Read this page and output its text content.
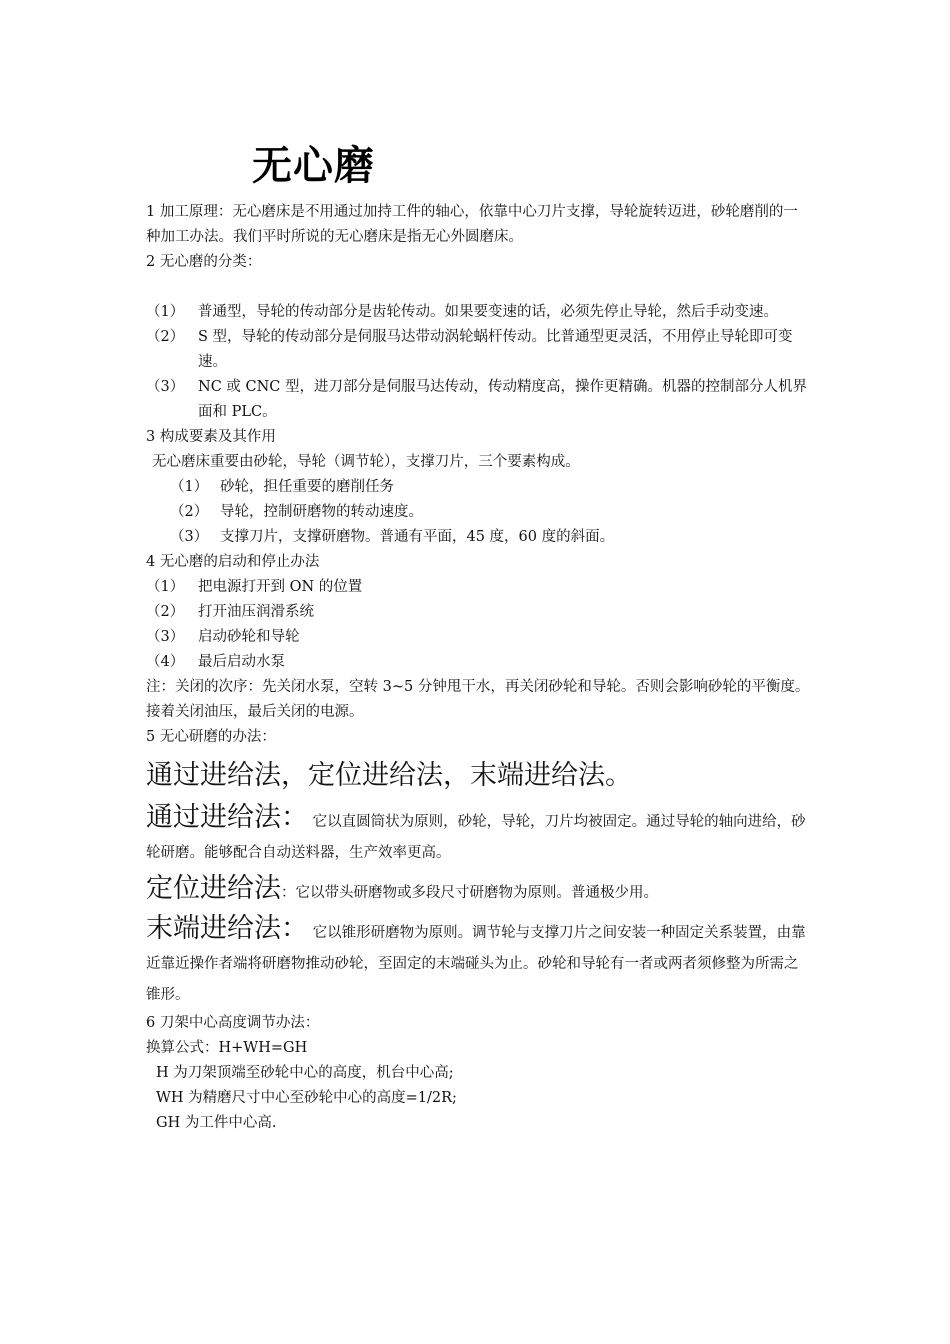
无心磨

1 加工原理：无心磨床是不用通过加持工件的轴心，依靠中心刀片支撑，导轮旋转迈进，砂轮磨削的一种加工办法。我们平时所说的无心磨床是指无心外圆磨床。

2 无心磨的分类：

（1） 普通型，导轮的传动部分是齿轮传动。如果要变速的话，必须先停止导轮，然后手动变速。

（2） S 型，导轮的传动部分是伺服马达带动涡轮蜗杆传动。比普通型更灵活，不用停止导轮即可变速。

（3） NC 或 CNC 型，进刀部分是伺服马达传动，传动精度高，操作更精确。机器的控制部分人机界面和 PLC。

3 构成要素及其作用

无心磨床重要由砂轮，导轮（调节轮），支撑刀片，三个要素构成。

（1） 砂轮，担任重要的磨削任务

（2） 导轮，控制研磨物的转动速度。

（3） 支撑刀片，支撑研磨物。普通有平面，45 度，60 度的斜面。

4 无心磨的启动和停止办法

（1） 把电源打开到 ON 的位置

（2） 打开油压润滑系统

（3） 启动砂轮和导轮

（4） 最后启动水泵

注：关闭的次序：先关闭水泵，空转 3~5 分钟甩干水，再关闭砂轮和导轮。否则会影响砂轮的平衡度。接着关闭油压，最后关闭的电源。

5 无心研磨的办法：

通过进给法，定位进给法，末端进给法。

通过进给法： 它以直圆筒状为原则，砂轮，导轮，刀片均被固定。通过导轮的轴向进给，砂轮研磨。能够配合自动送料器，生产效率更高。

定位进给法：它以带头研磨物或多段尺寸研磨物为原则。普通极少用。

末端进给法： 它以锥形研磨物为原则。调节轮与支撑刀片之间安装一种固定关系装置，由靠近靠近操作者端将研磨物推动砂轮，至固定的末端碰头为止。砂轮和导轮有一者或两者须修整为所需之锥形。

6 刀架中心高度调节办法：

换算公式：H+WH=GH

H 为刀架顶端至砂轮中心的高度，机台中心高;

WH 为精磨尺寸中心至砂轮中心的高度=1/2R;

GH 为工件中心高.
